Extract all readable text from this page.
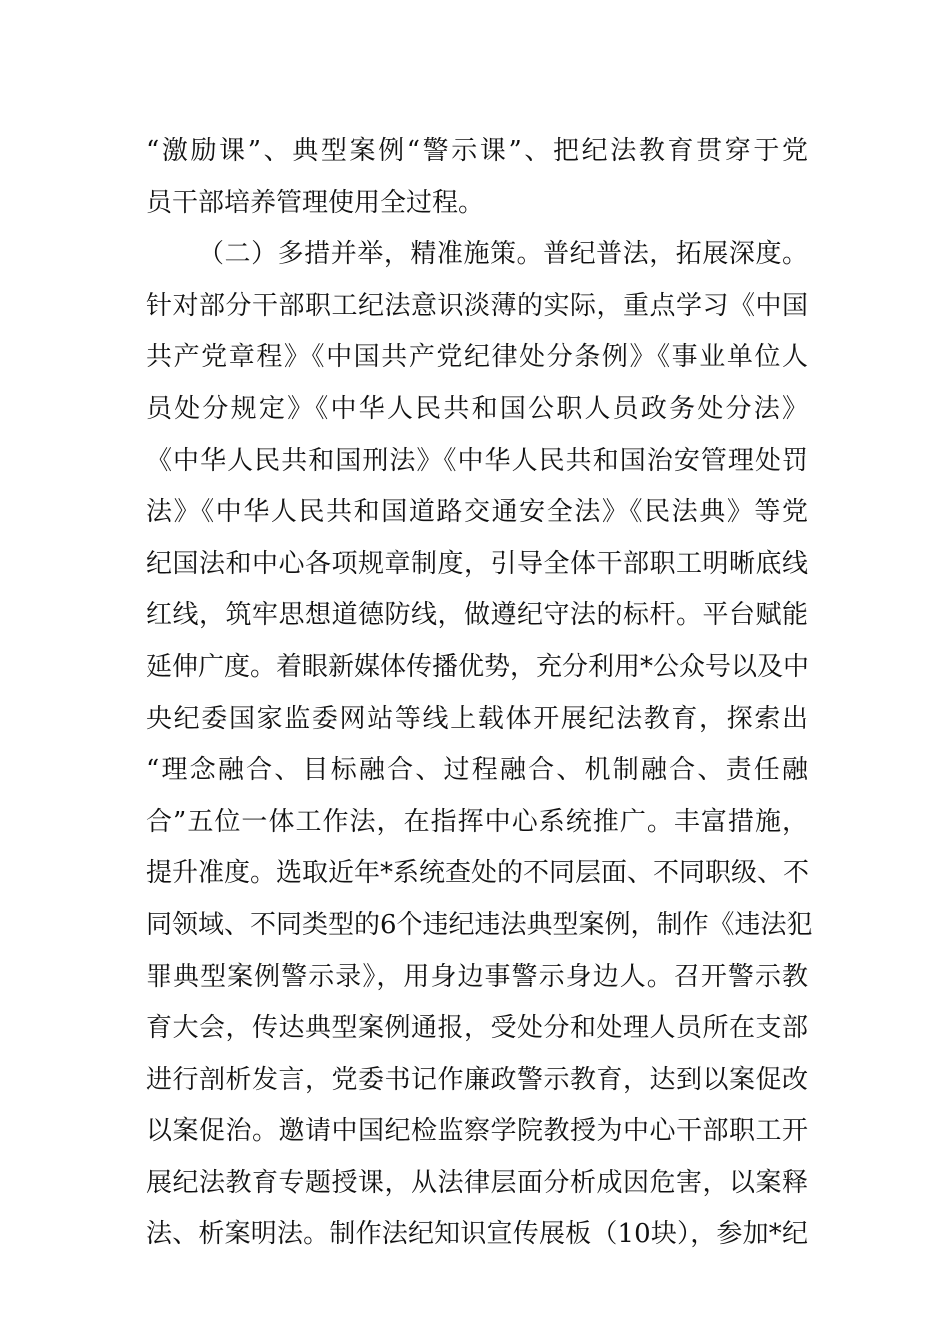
“激励课”、典型案例“警示课”、把纪法教育贯穿于党
员干部培养管理使用全过程。
（二）多措并举，精准施策。普纪普法，拓展深度。
针对部分干部职工纪法意识淡薄的实际，重点学习《中国
共产党章程》《中国共产党纪律处分条例》《事业单位人
员处分规定》《中华人民共和国公职人员政务处分法》
《中华人民共和国刑法》《中华人民共和国治安管理处罚
法》《中华人民共和国道路交通安全法》《民法典》等党
纪国法和中心各项规章制度，引导全体干部职工明晰底线
红线，筑牢思想道德防线，做遵纪守法的标杆。平台赋能
延伸广度。着眼新媒体传播优势，充分利用*公众号以及中
央纪委国家监委网站等线上载体开展纪法教育，探索出
“理念融合、目标融合、过程融合、机制融合、责任融
合”五位一体工作法，在指挥中心系统推广。丰富措施，
提升准度。选取近年*系统查处的不同层面、不同职级、不
同领域、不同类型的6个违纪违法典型案例，制作《违法犯
罪典型案例警示录》，用身边事警示身边人。召开警示教
育大会，传达典型案例通报，受处分和处理人员所在支部
进行剖析发言，党委书记作廉政警示教育，达到以案促改
以案促治。邀请中国纪检监察学院教授为中心干部职工开
展纪法教育专题授课，从法律层面分析成因危害，以案释
法、析案明法。制作法纪知识宣传展板（10块），参加*纪
